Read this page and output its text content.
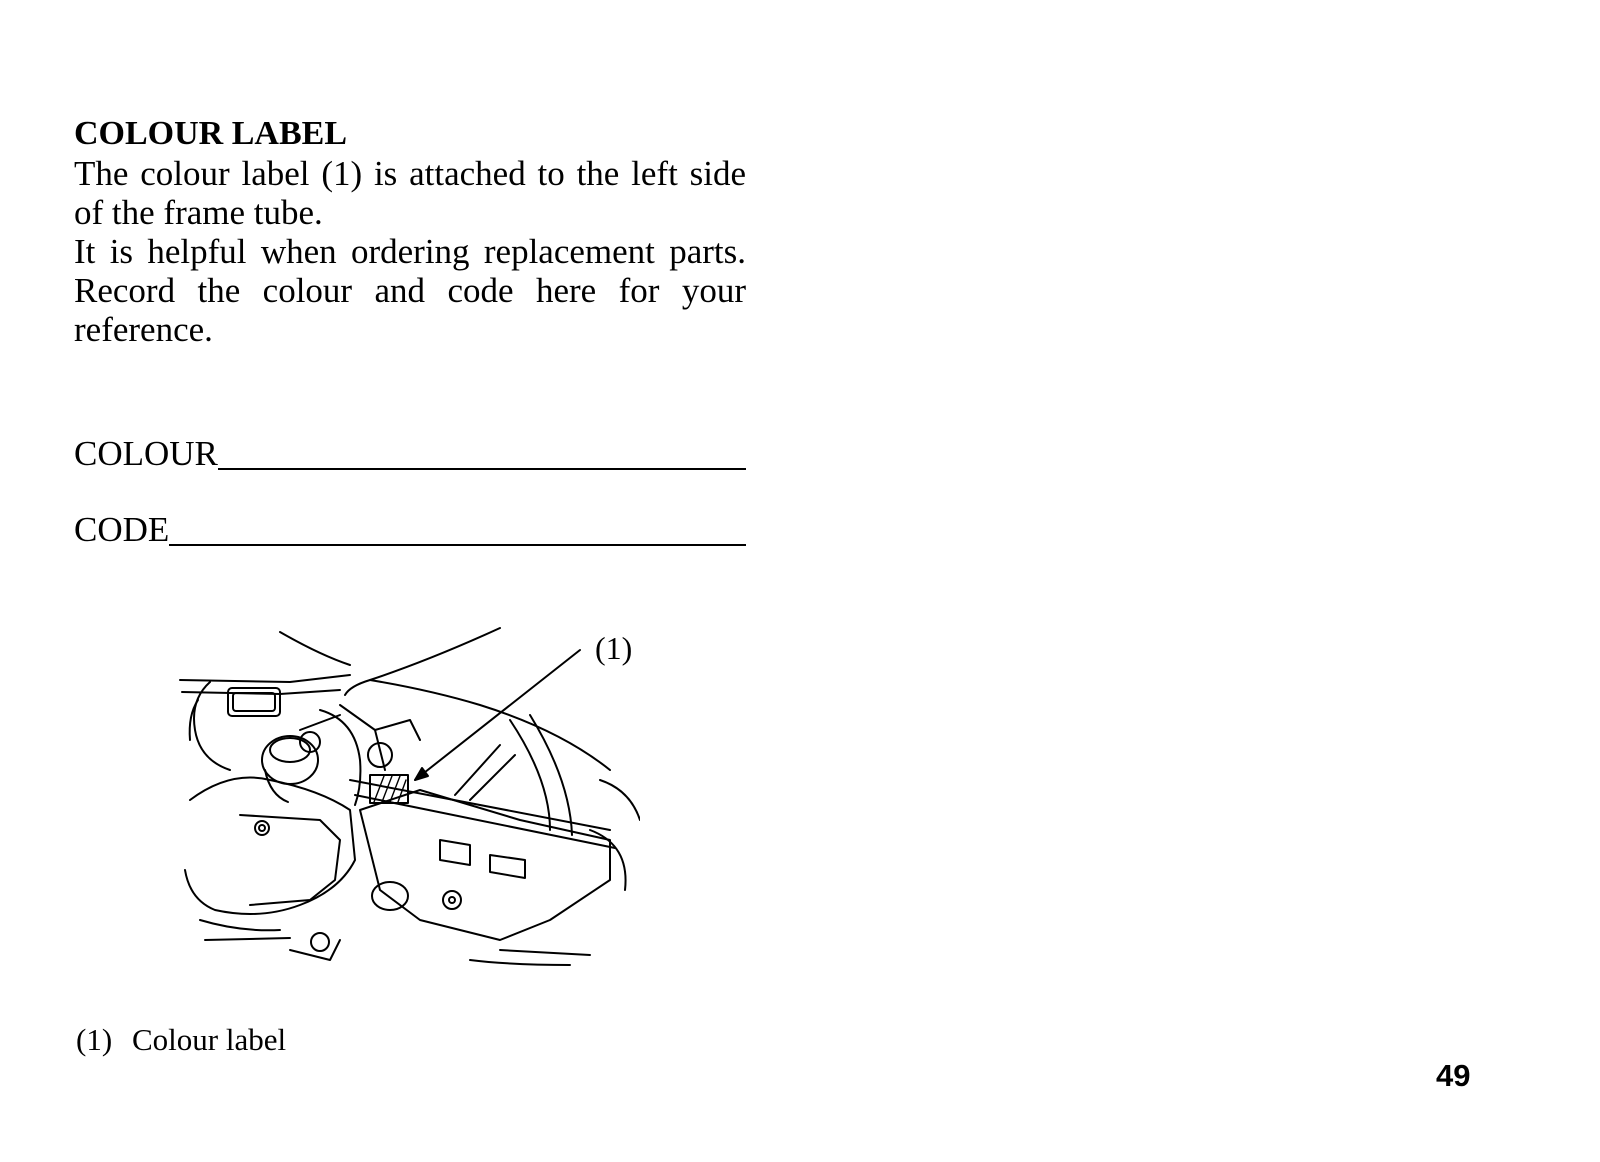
COLOUR LABEL

The colour label (1) is attached to the left side of the frame tube.

It is helpful when ordering replacement parts. Record the colour and code here for your reference.

COLOUR
CODE
(1)
(1) Colour label
49
